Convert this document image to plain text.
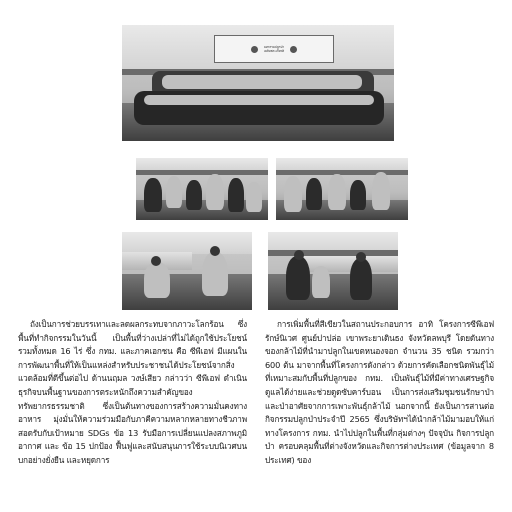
มหกรรมปลูกป่า
เฉลิมพระเกียรติ

ถังเป็นการช่วยบรรเทาและลดผลกระทบจากภาวะโลกร้อน ซึ่งพื้นที่ทำกิจกรรมในวันนี้ เป็นพื้นที่ว่างเปล่าที่ไม่ได้ถูกใช้ประโยชน์ รวมทั้งหมด 16 ไร่ ซึ่ง กทม. และภาคเอกชน คือ ซีพีเอฟ มีแผนในการพัฒนาพื้นที่ให้เป็นแหล่งสำหรับประชาชนได้ประโยชน์จากสิ่งแวดล้อมที่ดีขึ้นต่อไป ด้านนฤมล วงษ์เสียว กล่าวว่า ซีพีเอฟ ดำเนินธุรกิจบนพื้นฐานของการตระหนักถึงความสำคัญของทรัพยากรธรรมชาติ ซึ่งเป็นต้นทางของการสร้างความมั่นคงทางอาหาร มุ่งมั่นให้ความร่วมมือกับภาคีความหลากหลายทางชีวภาพ สอดรับกับเป้าหมาย SDGs ข้อ 13 รับมือการเปลี่ยนแปลงสภาพภูมิอากาศ และ ข้อ 15 ปกป้อง ฟื้นฟูและสนับสนุนการใช้ระบบนิเวศบนบกอย่างยั่งยืน และหยุดการ

การเพิ่มพื้นที่สีเขียวในสถานประกอบการ อาทิ โครงการซีพีเอฟ รักษ์นิเวศ ศูนย์ปาปล่อ เขาพระยาเดินธง จังหวัดลพบุรี โดยดันทางของกล้าไม้ที่นำมาปลูกในเขตหนองจอก จำนวน 35 ชนิด รวมกว่า 600 ต้น มาจากพื้นที่โครงการดังกล่าว ด้วยการคัดเลือกชนิดพันธุ์ไม้ที่เหมาะสมกับพื้นที่ปลูกของ กทม. เป็นพันธุ์ไม้ที่มีค่าทางเศรษฐกิจ ดูแลได้ง่ายและช่วยดูดซับคาร์บอน เป็นการส่งเสริมชุมชนรักษาป่าและป่าอาศัยจากการเพาะพันธุ์กล้าไม้ นอกจากนี้ ยังเป็นการสานต่อกิจกรรมปลูกป่าประจำปี 2565 ซึ่งบริษัทฯได้นำกล้าไม้มามอบให้แก่ทางโครงการ กทม. นำไปปลูกในพื้นที่กลุ่มต่างๆ ปัจจุบัน กิจการปลูกป่า ครอบคลุมพื้นที่ต่างจังหวัดและกิจการต่างประเทศ (ข้อมูลจาก 8 ประเทศ) ของ
